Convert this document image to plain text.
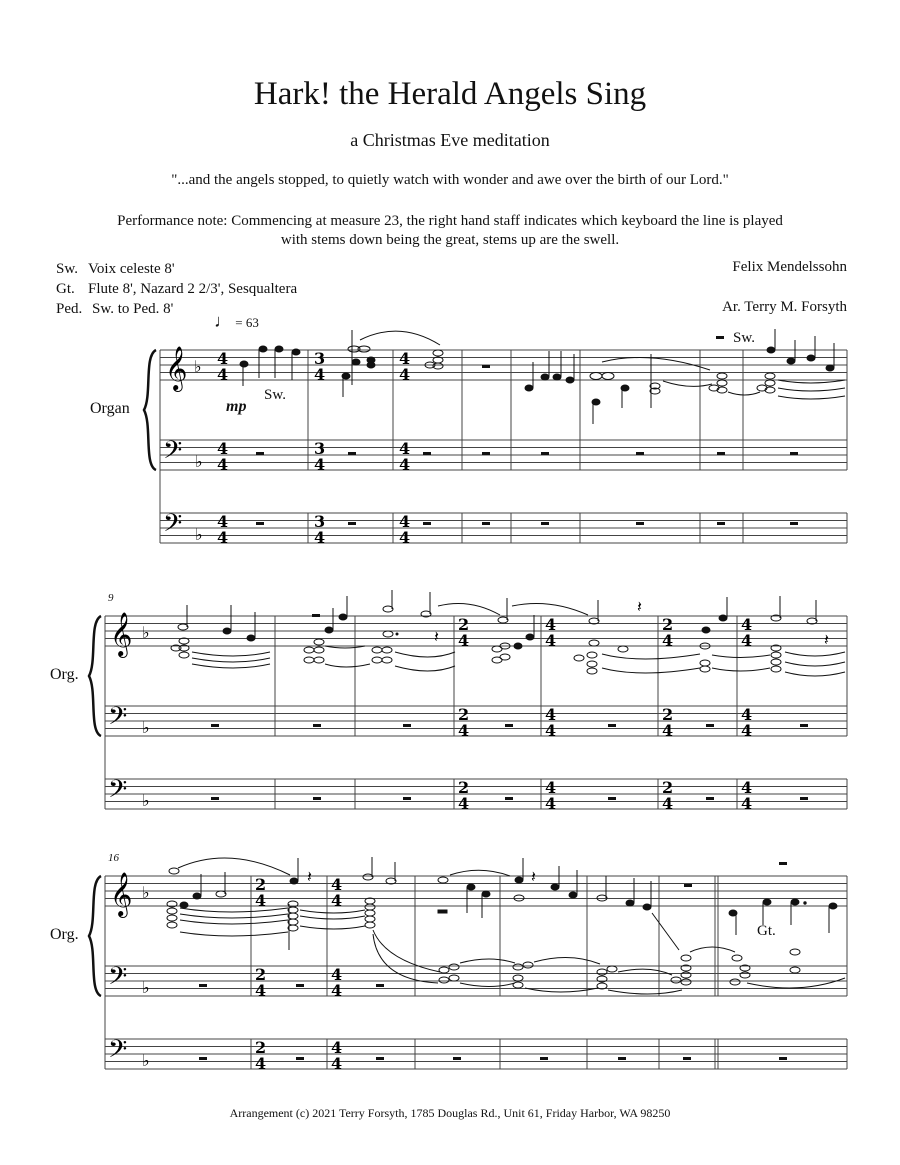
Hark! the Herald Angels Sing
a Christmas Eve meditation
"...and the angels stopped, to quietly watch with wonder and awe over the birth of our Lord."
Performance note: Commencing at measure 23, the right hand staff indicates which keyboard the line is played
with stems down being the great, stems up are the swell.
Sw. Voix celeste 8'
Gt. Flute 8', Nazard 2 2/3', Sesqualtera
Ped. Sw. to Ped. 8'
Felix Mendelssohn
Ar. Terry M. Forsyth
♩ = 63
𝄞
𝄢
𝄢
♭
♭
♭
4
4
4
4
4
4
3
4
3
4
3
4
4
4
4
4
4
4
Organ	mp
Sw.
Sw.
𝄞
𝄢
𝄢
♭
♭
♭
2
4
2
4
2
4
4
4
4
4
4
4
2
4
2
4
2
4
4
4
4
4
4
4
𝄽
𝄽
𝄽
9
Org.
𝄞
𝄢
𝄢
♭
♭
♭
2
4
2
4
2
4
4
4
4
4
4
4
𝄽	𝄽
16
Org.	Gt.
Arrangement (c) 2021 Terry Forsyth, 1785 Douglas Rd., Unit 61, Friday Harbor, WA 98250
